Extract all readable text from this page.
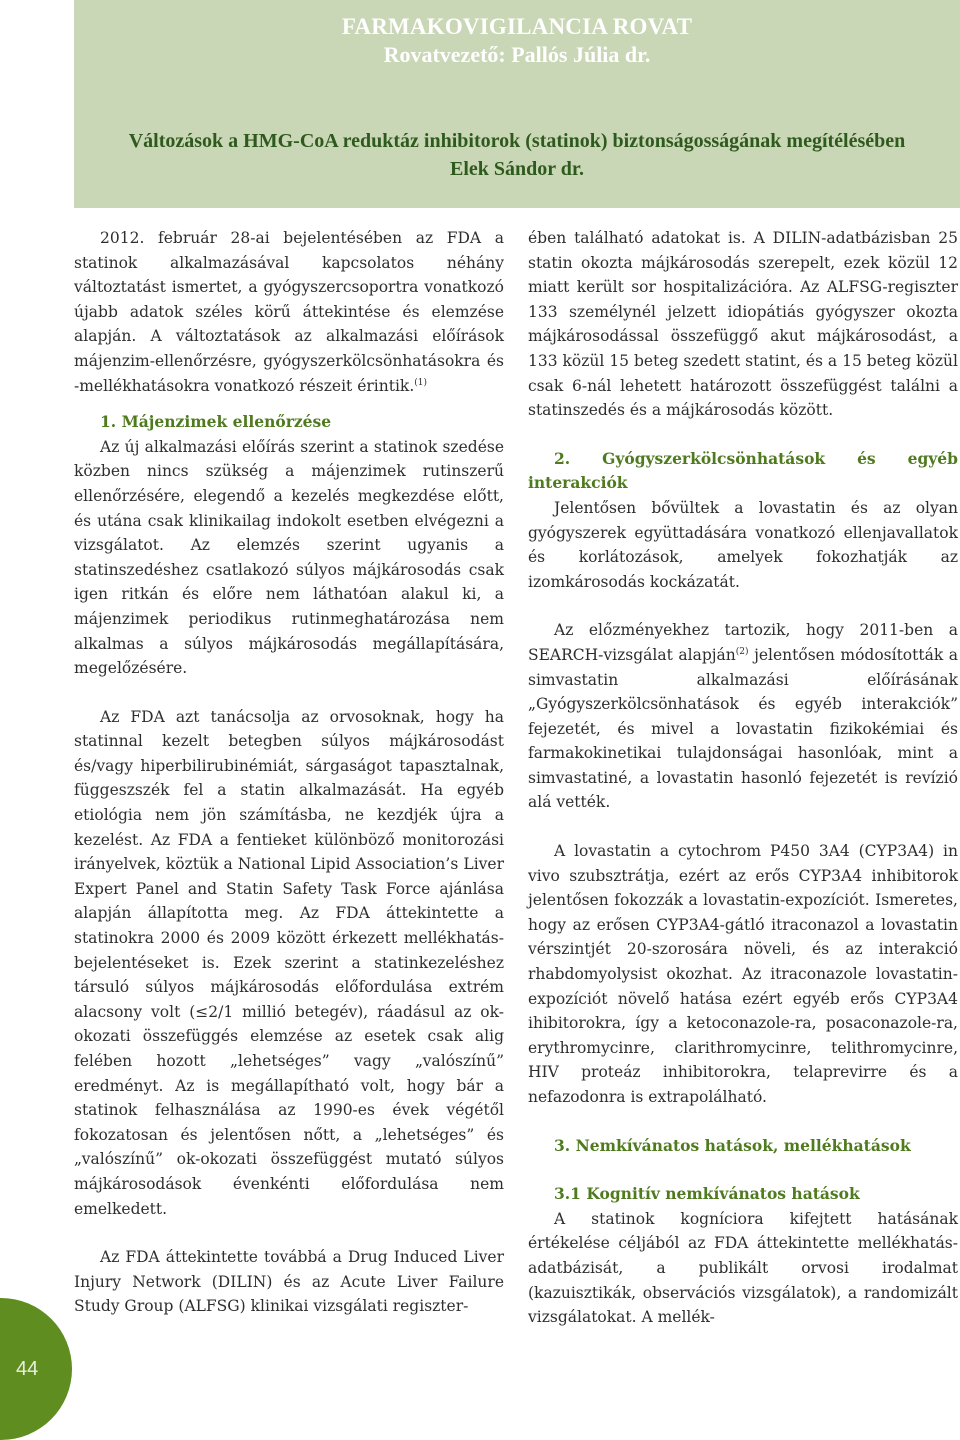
FARMAKOVIGILANCIA ROVAT
Rovatvezető: Pallós Júlia dr.
Változások a HMG-CoA reduktáz inhibitorok (statinok) biztonságosságának megítélésében
Elek Sándor dr.

2012. február 28-ai bejelentésében az FDA a statinok alkalmazásával kapcsolatos néhány változtatást ismertet, a gyógyszercsoportra vonatkozó újabb adatok széles körű áttekintése és elemzése alapján. A változtatások az alkalmazási előírások májenzim-ellenőrzésre, gyógyszerkölcsönhatásokra és -mellékhatásokra vonatkozó részeit érintik.$^{(1)}$

1. Májenzimek ellenőrzése

Az új alkalmazási előírás szerint a statinok szedése közben nincs szükség a májenzimek rutinszerű ellenőrzésére, elegendő a kezelés megkezdése előtt, és utána csak klinikailag indokolt esetben elvégezni a vizsgálatot. Az elemzés szerint ugyanis a statinszedéshez csatlakozó súlyos májkárosodás csak igen ritkán és előre nem láthatóan alakul ki, a májenzimek periodikus rutinmeghatározása nem alkalmas a súlyos májkárosodás megállapítására, megelőzésére.

Az FDA azt tanácsolja az orvosoknak, hogy ha statinnal kezelt betegben súlyos májkárosodást és/vagy hiperbilirubinémiát, sárgaságot tapasztalnak, függeszszék fel a statin alkalmazását. Ha egyéb etiológia nem jön számításba, ne kezdjék újra a kezelést. Az FDA a fentieket különböző monitorozási irányelvek, köztük a National Lipid Association’s Liver Expert Panel and Statin Safety Task Force ajánlása alapján állapította meg. Az FDA áttekintette a statinokra 2000 és 2009 között érkezett mellékhatás-bejelentéseket is. Ezek szerint a statinkezeléshez társuló súlyos májkárosodás előfordulása extrém alacsony volt (≤2/1 millió betegév), ráadásul az ok-okozati összefüggés elemzése az esetek csak alig felében hozott „lehetséges” vagy „valószínű” eredményt. Az is megállapítható volt, hogy bár a statinok felhasználása az 1990-es évek végétől fokozatosan és jelentősen nőtt, a „lehetséges” és „valószínű” ok-okozati összefüggést mutató súlyos májkárosodások évenkénti előfordulása nem emelkedett.

Az FDA áttekintette továbbá a Drug Induced Liver Injury Network (DILIN) és az Acute Liver Failure Study Group (ALFSG) klinikai vizsgálati regiszter-

ében található adatokat is. A DILIN-adatbázisban 25 statin okozta májkárosodás szerepelt, ezek közül 12 miatt került sor hospitalizációra. Az ALFSG-regiszter 133 személynél jelzett idiopátiás gyógyszer okozta májkárosodással összefüggő akut májkárosodást, a 133 közül 15 beteg szedett statint, és a 15 beteg közül csak 6-nál lehetett határozott összefüggést találni a statinszedés és a májkárosodás között.

2. Gyógyszerkölcsönhatások és egyéb interakciók

Jelentősen bővültek a lovastatin és az olyan gyógyszerek együttadására vonatkozó ellenjavallatok és korlátozások, amelyek fokozhatják az izomkárosodás kockázatát.

Az előzményekhez tartozik, hogy 2011-ben a SEARCH-vizsgálat alapján$^{(2)}$ jelentősen módosították a simvastatin alkalmazási előírásának „Gyógyszerkölcsönhatások és egyéb interakciók” fejezetét, és mivel a lovastatin fizikokémiai és farmakokinetikai tulajdonságai hasonlóak, mint a simvastatiné, a lovastatin hasonló fejezetét is revízió alá vették.

A lovastatin a cytochrom P450 3A4 (CYP3A4) in vivo szubsztrátja, ezért az erős CYP3A4 inhibitorok jelentősen fokozzák a lovastatin-expozíciót. Ismeretes, hogy az erősen CYP3A4-gátló itraconazol a lovastatin vérszintjét 20-szorosára növeli, és az interakció rhabdomyolysist okozhat. Az itraconazole lovastatin-expozíciót növelő hatása ezért egyéb erős CYP3A4 ihibitorokra, így a ketoconazole-ra, posaconazole-ra, erythromycinre, clarithromycinre, telithromycinre, HIV proteáz inhibitorokra, telaprevirre és a nefazodonra is extrapolálható.

3. Nemkívánatos hatások, mellékhatások

3.1 Kognitív nemkívánatos hatások

A statinok kogníciora kifejtett hatásának értékelése céljából az FDA áttekintette mellékhatás-adatbázisát, a publikált orvosi irodalmat (kazuisztikák, observációs vizsgálatok), a randomizált vizsgálatokat. A mellék-

44
